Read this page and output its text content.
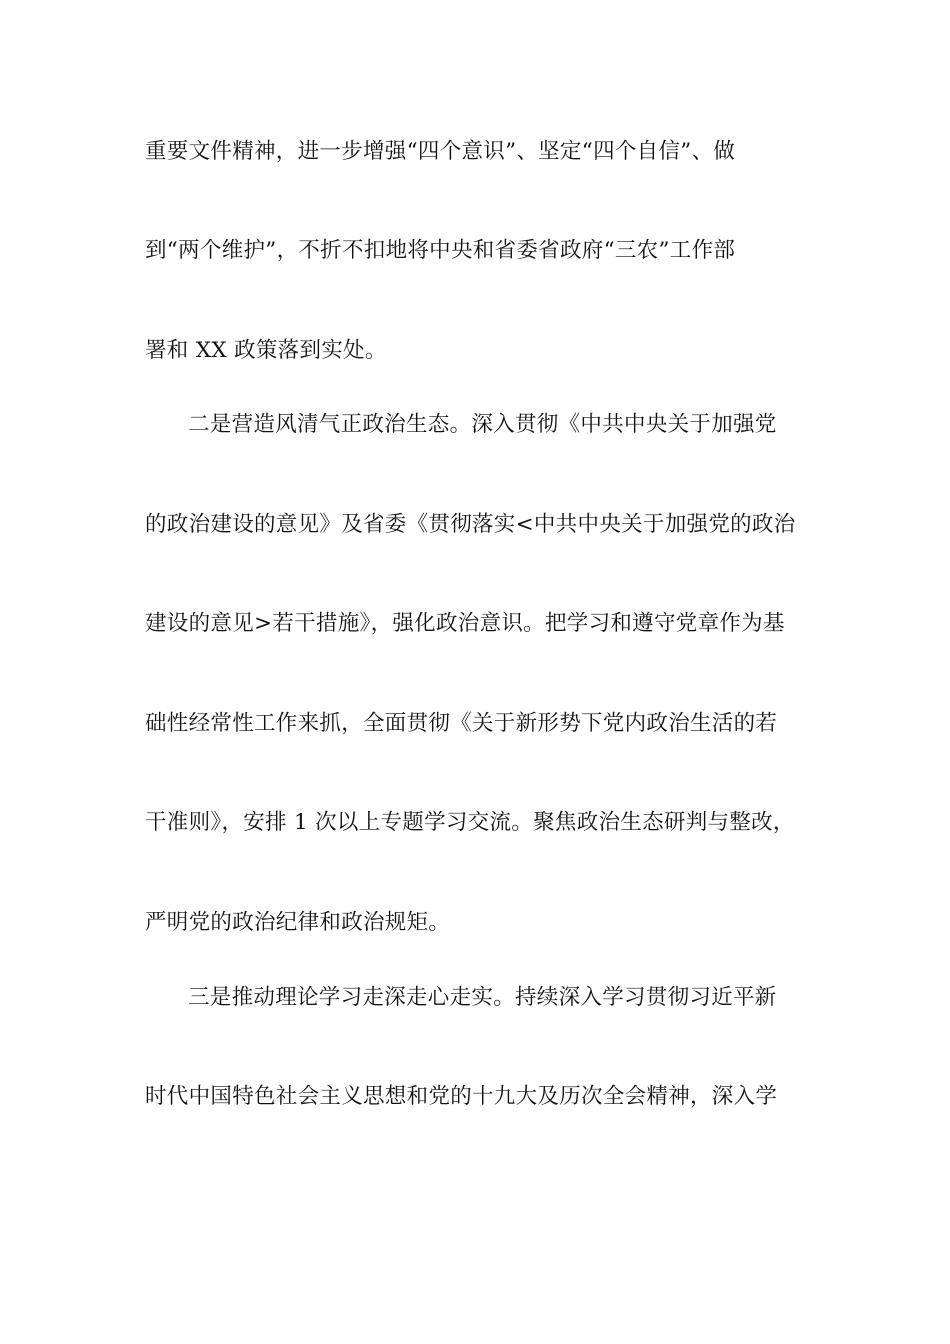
重要文件精神，进一步增强“四个意识”、坚定“四个自信”、做
到“两个维护”，不折不扣地将中央和省委省政府“三农”工作部
署和 XX 政策落到实处。
二是营造风清气正政治生态。深入贯彻《中共中央关于加强党
的政治建设的意见》及省委《贯彻落实<中共中央关于加强党的政治
建设的意见>若干措施》，强化政治意识。把学习和遵守党章作为基
础性经常性工作来抓，全面贯彻《关于新形势下党内政治生活的若
干准则》，安排 1 次以上专题学习交流。聚焦政治生态研判与整改，
严明党的政治纪律和政治规矩。
三是推动理论学习走深走心走实。持续深入学习贯彻习近平新
时代中国特色社会主义思想和党的十九大及历次全会精神，深入学
